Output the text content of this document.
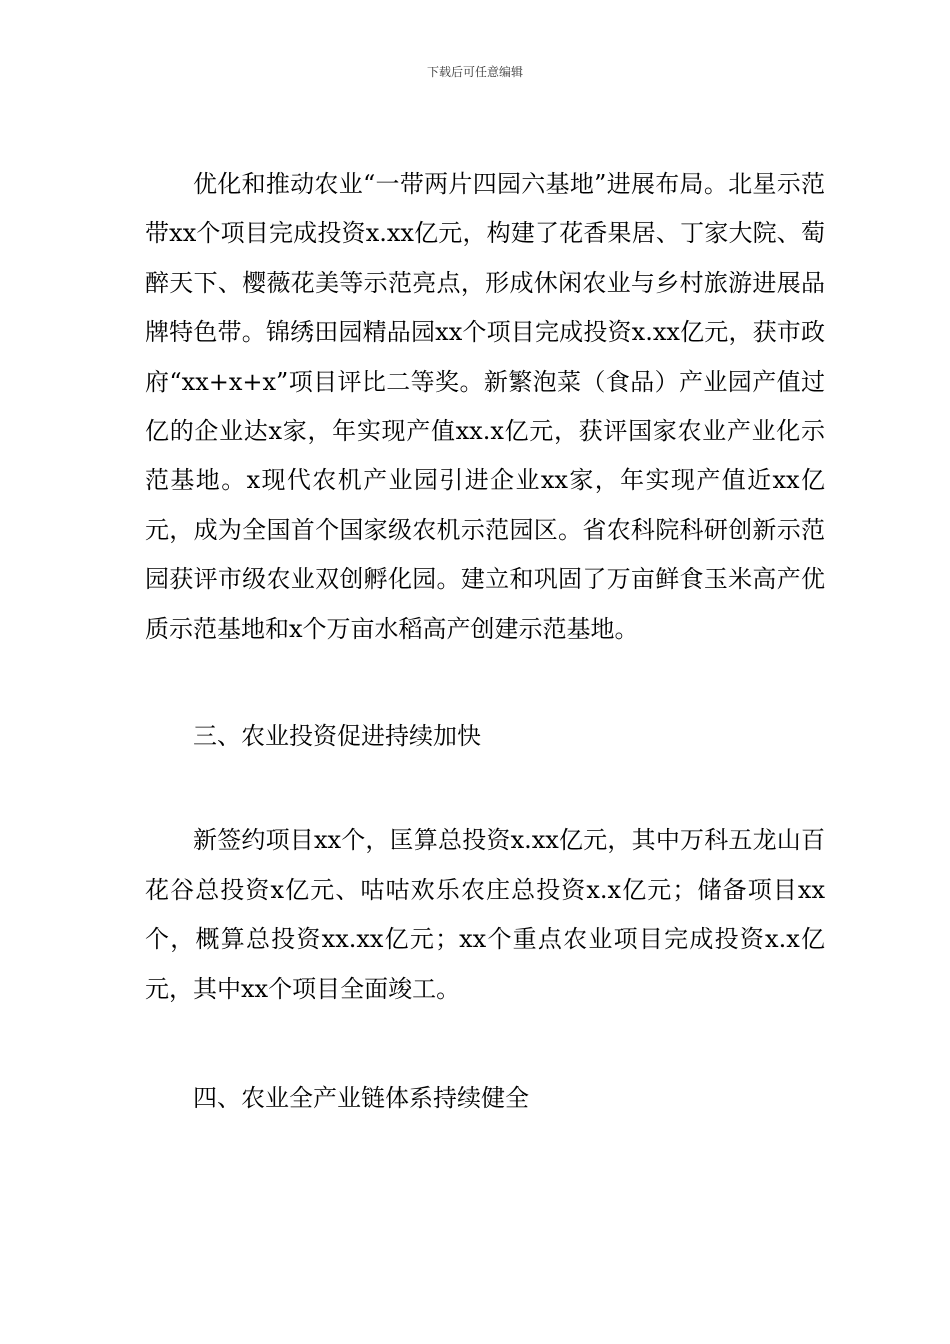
下载后可任意编辑

优化和推动农业“一带两片四园六基地”进展布局。北星示范带xx个项目完成投资x.xx亿元，构建了花香果居、丁家大院、萄醉天下、樱薇花美等示范亮点，形成休闲农业与乡村旅游进展品牌特色带。锦绣田园精品园xx个项目完成投资x.xx亿元，获市政府“xx+x+x”项目评比二等奖。新繁泡菜（食品）产业园产值过亿的企业达x家，年实现产值xx.x亿元，获评国家农业产业化示范基地。x现代农机产业园引进企业xx家，年实现产值近xx亿元，成为全国首个国家级农机示范园区。省农科院科研创新示范园获评市级农业双创孵化园。建立和巩固了万亩鲜食玉米高产优质示范基地和x个万亩水稻高产创建示范基地。

三、农业投资促进持续加快

新签约项目xx个，匡算总投资x.xx亿元，其中万科五龙山百花谷总投资x亿元、咕咕欢乐农庄总投资x.x亿元；储备项目xx个，概算总投资xx.xx亿元；xx个重点农业项目完成投资x.x亿元，其中xx个项目全面竣工。

四、农业全产业链体系持续健全
